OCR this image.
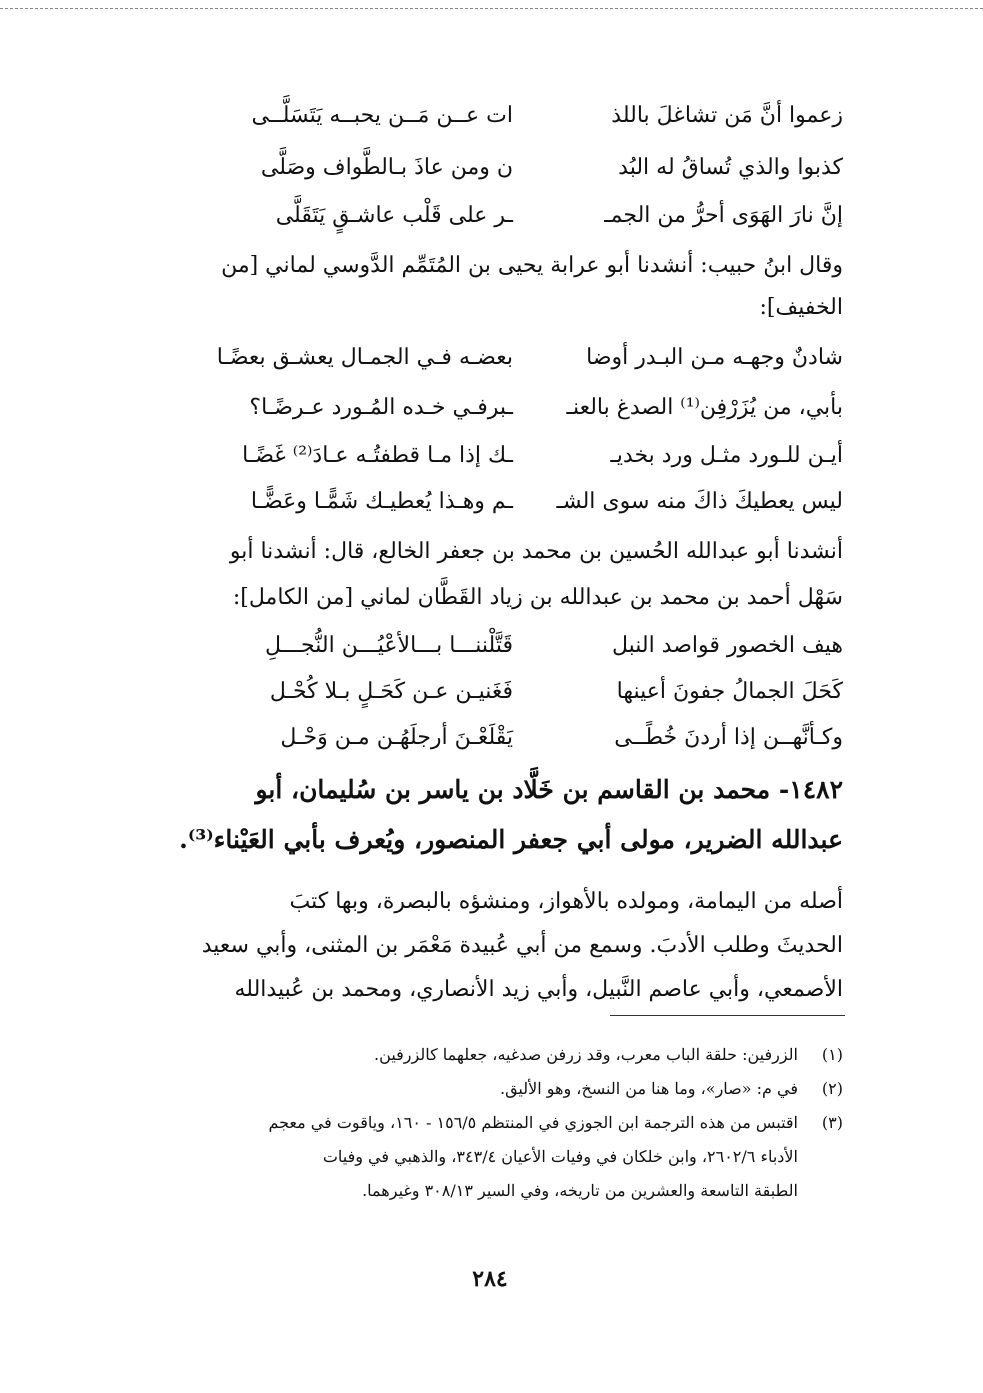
زعموا أنَّ مَن تشاغلَ باللذ
ات عــن مَــن يحبــه يَتَسَلَّــى
كذبوا والذي تُساقُ له البُد
ن ومن عاذَ بـالطَّواف وصَلَّى
إنَّ نارَ الهَوَى أحرُّ من الجمـ
ـر على قَلْب عاشـقٍ يَتَقَلَّى
وقال ابنُ حبيب: أنشدنا أبو عرابة يحيى بن المُتَمِّم الدَّوسي لماني [من
الخفيف]:
شادنٌ وجهـه مـن البـدر أوضا
بعضـه فـي الجمـال يعشـق بعضًـا
بأبي، من يُزَرْفِن⁽¹⁾ الصدغ بالعنـ
ـبرفـي خـده المُـورد عـرضًـا؟
أيـن للـورد مثـل ورد بخديـ
ـك إذا مـا قطفتُـه عـادَ⁽²⁾ غَضًـا
ليس يعطيكَ ذاكَ منه سوى الشـ
ـم وهـذا يُعطيـك شَمًّـا وعَضًّـا
أنشدنا أبو عبدالله الحُسين بن محمد بن جعفر الخالع، قال: أنشدنا أبو
سَهْل أحمد بن محمد بن عبدالله بن زياد القَطَّان لماني [من الكامل]:
هيف الخصور قواصد النبل
قَتَّلْننـــا بـــالأعْيُـــن النُّجـــلِ
كَحَلَ الجمالُ جفونَ أعينها
فَغَنيـن عـن كَحَـلٍ بـلا كُحْـل
وكـأنَّهــن إذا أردنَ خُطًــى
يَقْلَعْـنَ أرجلَهُـن مـن وَحْـل
١٤٨٢- محمد بن القاسم بن خَلَّاد بن ياسر بن سُليمان، أبو
عبدالله الضرير، مولى أبي جعفر المنصور، ويُعرف بأبي العَيْناء⁽³⁾.
أصله من اليمامة، ومولده بالأهواز، ومنشؤه بالبصرة، وبها كتبَ
الحديثَ وطلب الأدبَ. وسمع من أبي عُبيدة مَعْمَر بن المثنى، وأبي سعيد
الأصمعي، وأبي عاصم النَّبيل، وأبي زيد الأنصاري، ومحمد بن عُبيدالله
(١)
الزرفين: حلقة الباب معرب، وقد زرفن صدغيه، جعلهما كالزرفين.
(٢)
في م: «صار»، وما هنا من النسخ، وهو الأليق.
(٣)
اقتبس من هذه الترجمة ابن الجوزي في المنتظم ١٥٦/٥ - ١٦٠، وياقوت في معجم
الأدباء ٢٦٠٢/٦، وابن خلكان في وفيات الأعيان ٣٤٣/٤، والذهبي في وفيات
الطبقة التاسعة والعشرين من تاريخه، وفي السير ٣٠٨/١٣ وغيرهما.
٢٨٤
